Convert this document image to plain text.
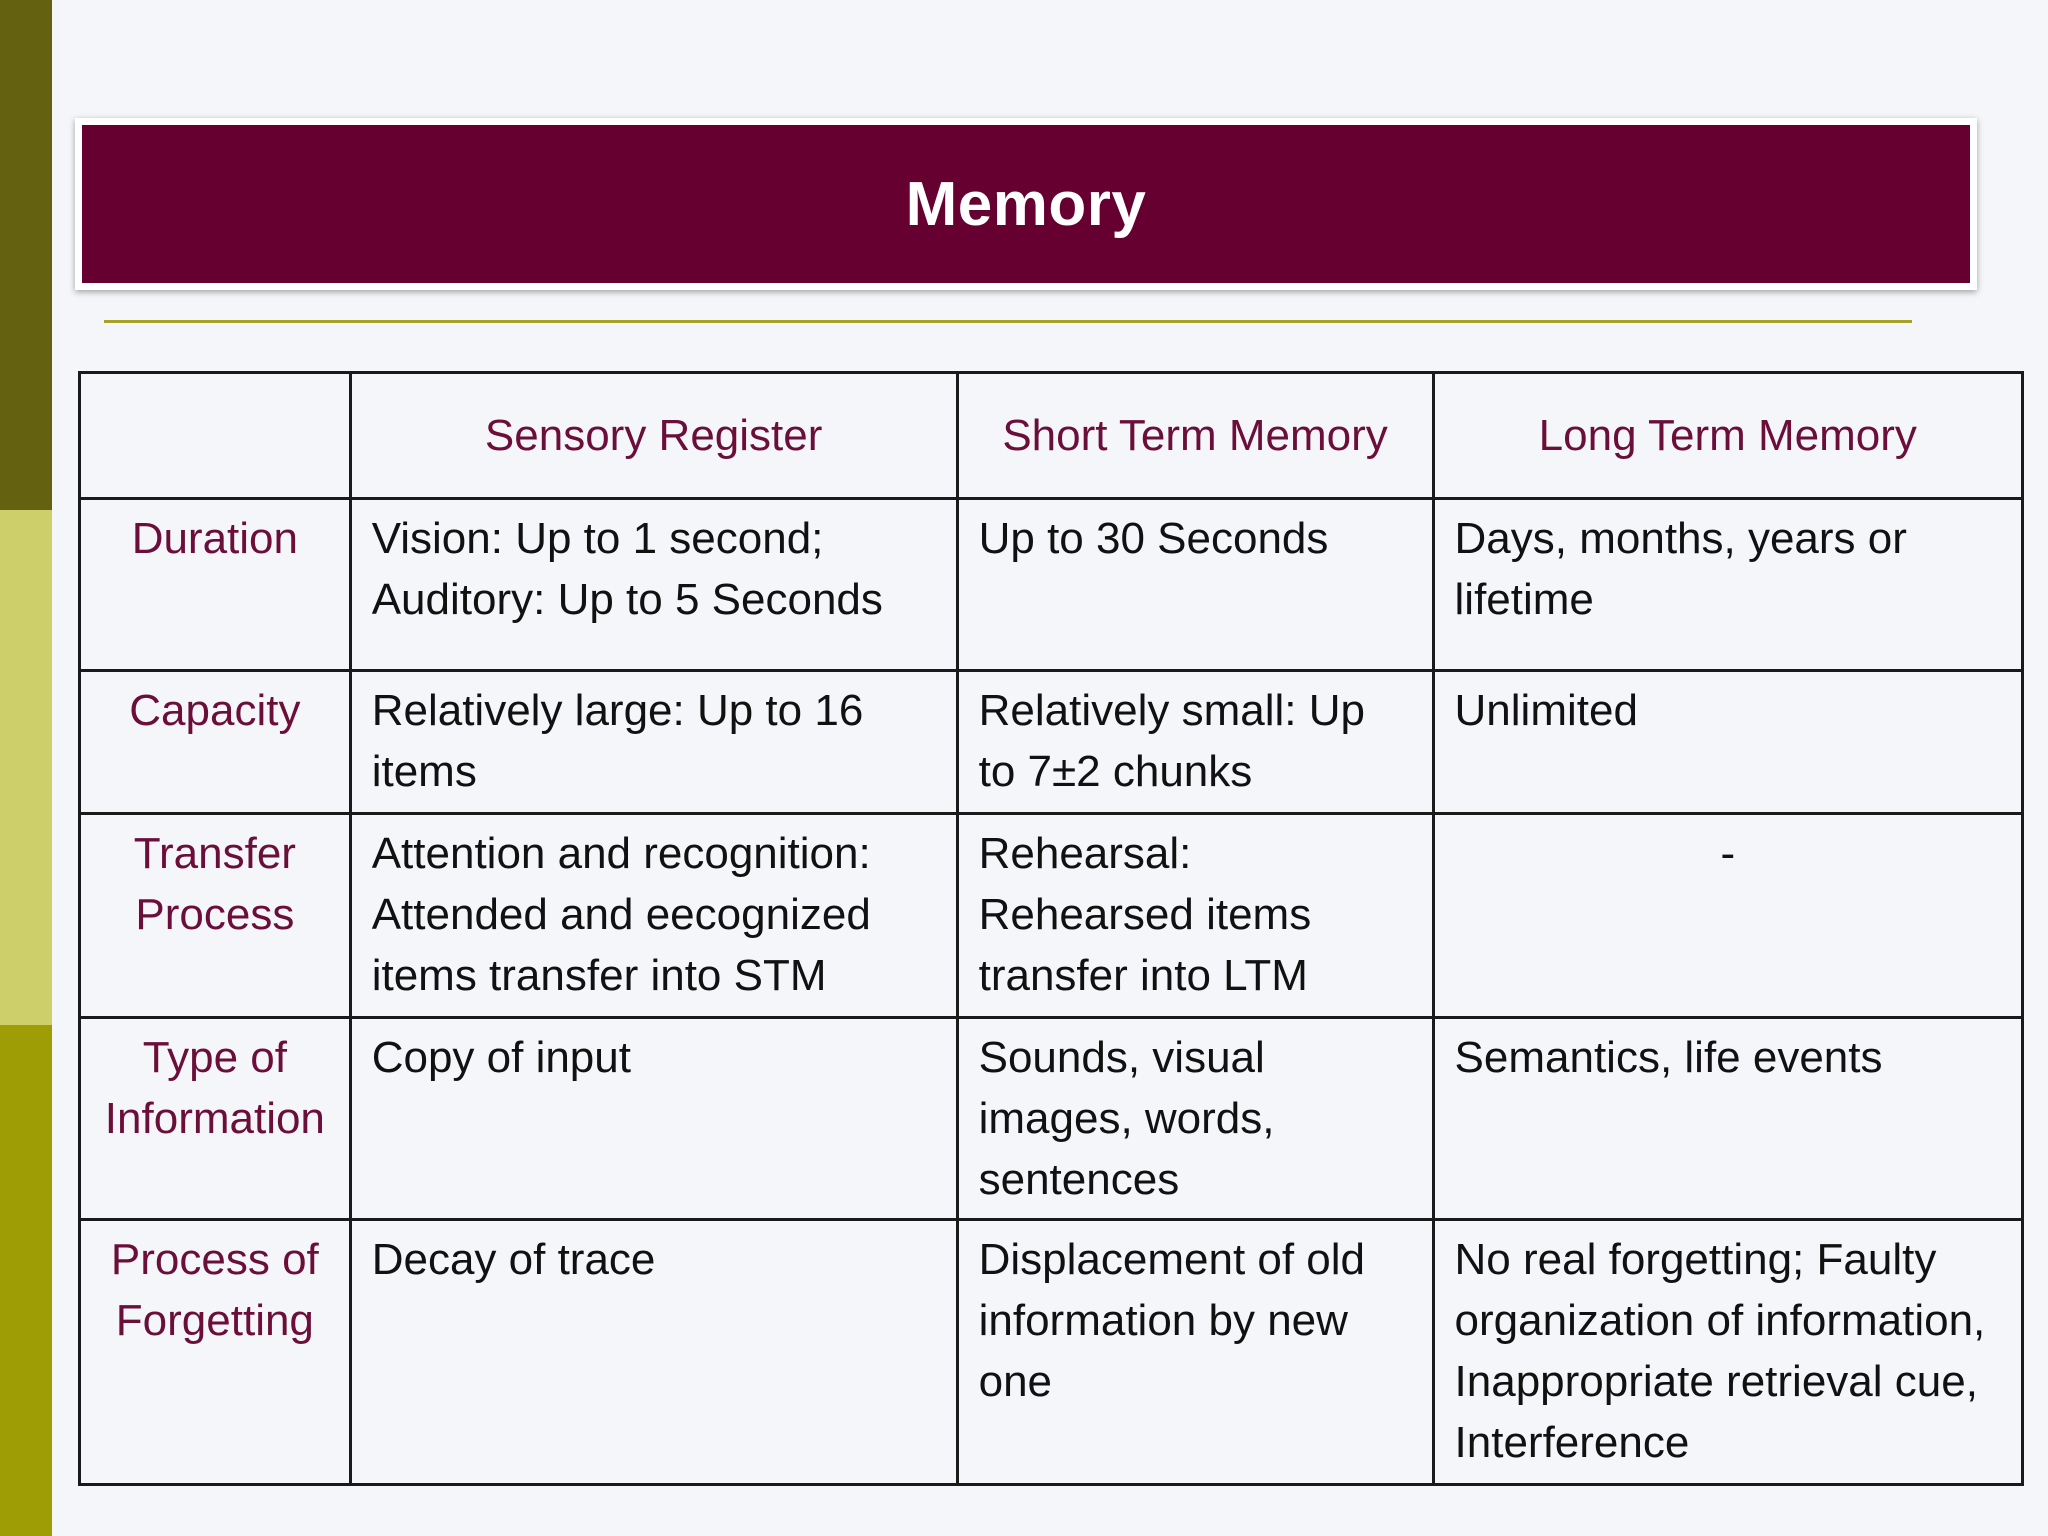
Memory
	Sensory Register	Short Term Memory	Long Term Memory
Duration	Vision: Up to 1 second; Auditory: Up to 5 Seconds	Up to 30 Seconds	Days, months, years or lifetime
Capacity	Relatively large: Up to 16 items	Relatively small: Up to 7±2 chunks	Unlimited
Transfer Process	Attention and recognition: Attended and eecognized items transfer into STM	Rehearsal: Rehearsed items transfer into LTM	-
Type of Information	Copy of input	Sounds, visual images, words, sentences	Semantics, life events
Process of Forgetting	Decay of trace	Displacement of old information by new one	No real forgetting; Faulty organization of information, Inappropriate retrieval cue, Interference
